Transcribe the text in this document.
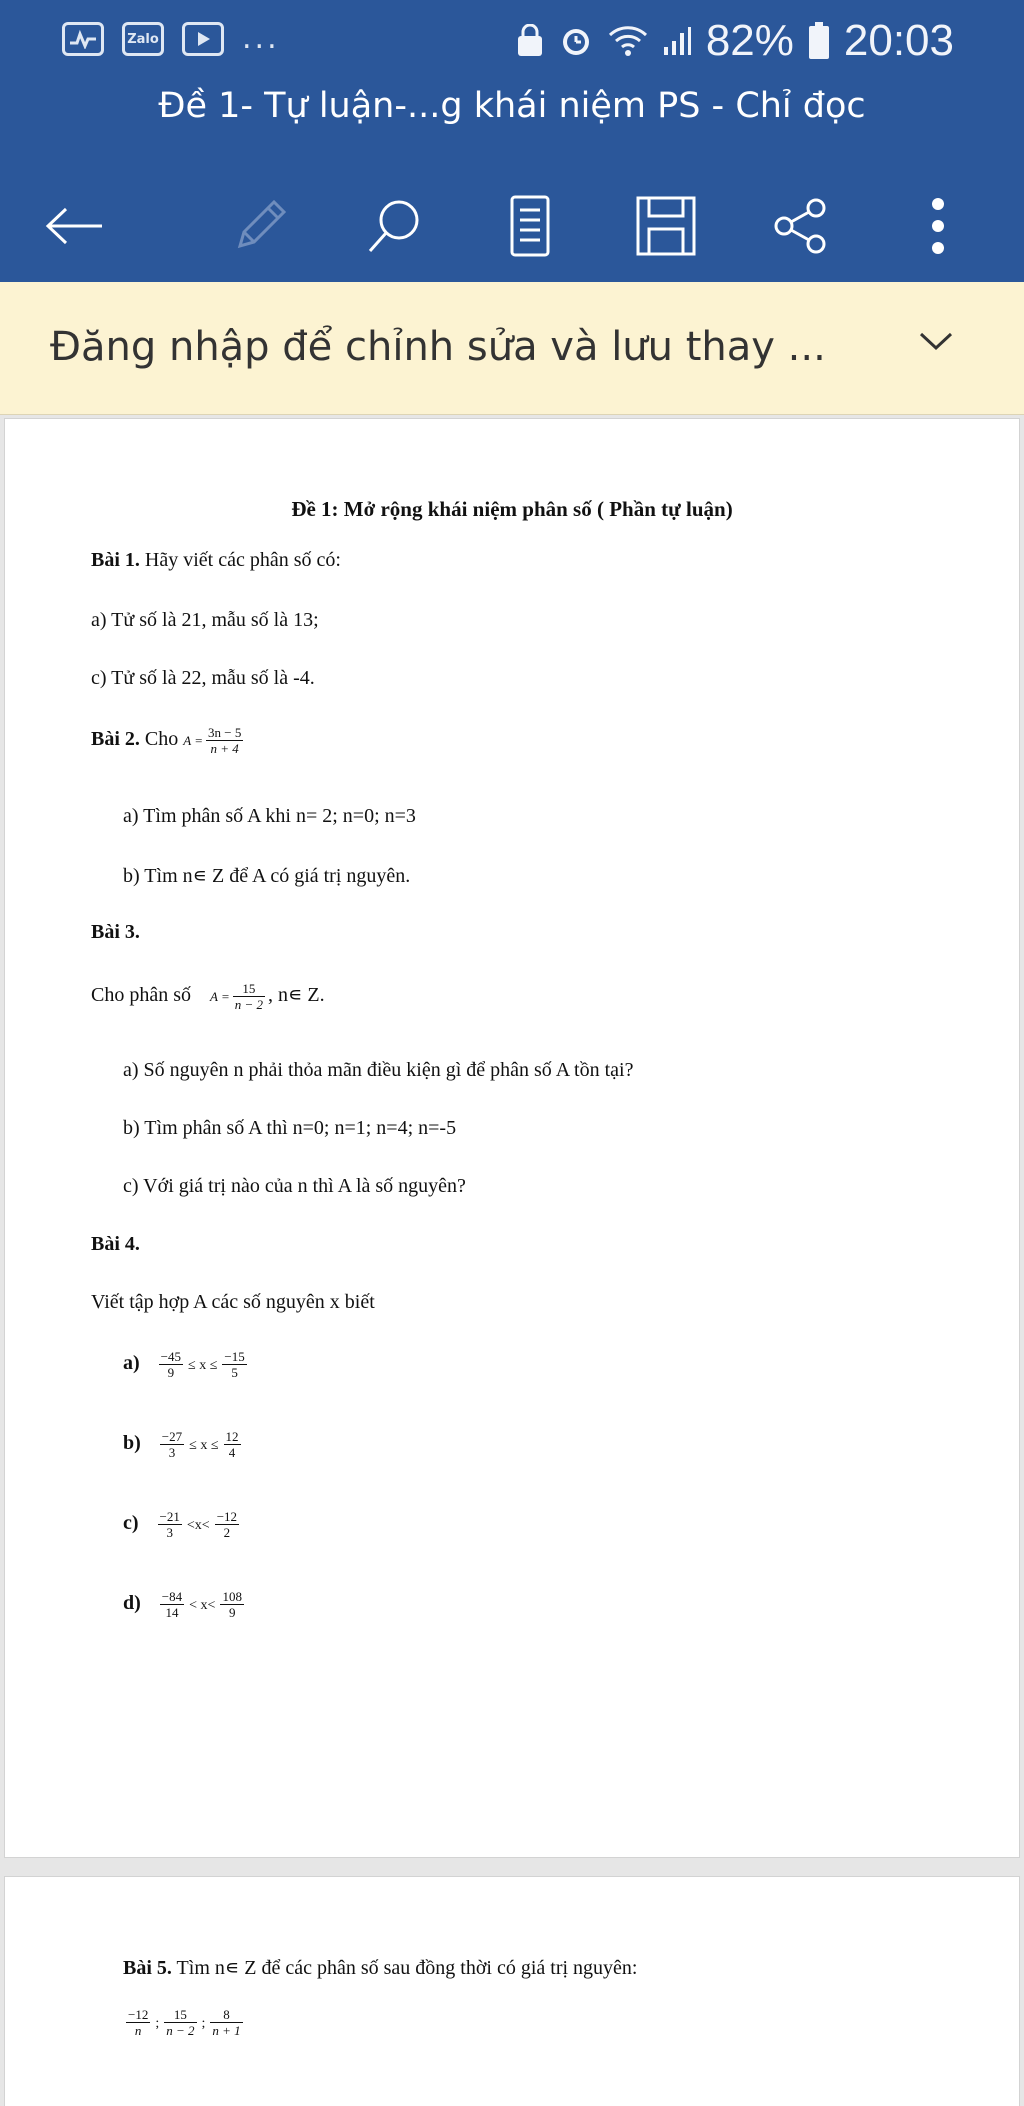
Zalo	...	82% 20:03
Đề 1- Tự luận-...g khái niệm PS - Chỉ đọc
Đăng nhập để chỉnh sửa và lưu thay ...
Đề 1: Mở rộng khái niệm phân số ( Phần tự luận)
Bài 1. Hãy viết các phân số có:
a) Tử số là 21, mẫu số là 13;
c) Tử số là 22, mẫu số là -4.
Bài 2. Cho $A = \frac{3n - 5}{n + 4}$
a) Tìm phân số A khi n= 2; n=0; n=3
b) Tìm n∊ Z để A có giá trị nguyên.
Bài 3.
Cho phân số $A = \frac{15}{n - 2}$ , n∊ Z.
a) Số nguyên n phải thỏa mãn điều kiện gì để phân số A tồn tại?
b) Tìm phân số A thì n=0; n=1; n=4; n=-5
c) Với giá trị nào của n thì A là số nguyên?
Bài 4.
Viết tập hợp A các số nguyên x biết
$a) \frac{-45}{9} \le x \le \frac{-15}{5}$
$b) \frac{-27}{3} \le x \le \frac{12}{4}$
$c) \frac{-21}{3} <x< \frac{-12}{2}$
$d) \frac{-84}{14} < x< \frac{108}{9}$
Bài 5. Tìm n∊ Z để các phân số sau đồng thời có giá trị nguyên:
$\frac{-12}{n}$ ; $\frac{15}{n - 2}$ ; $\frac{8}{n + 1}$
